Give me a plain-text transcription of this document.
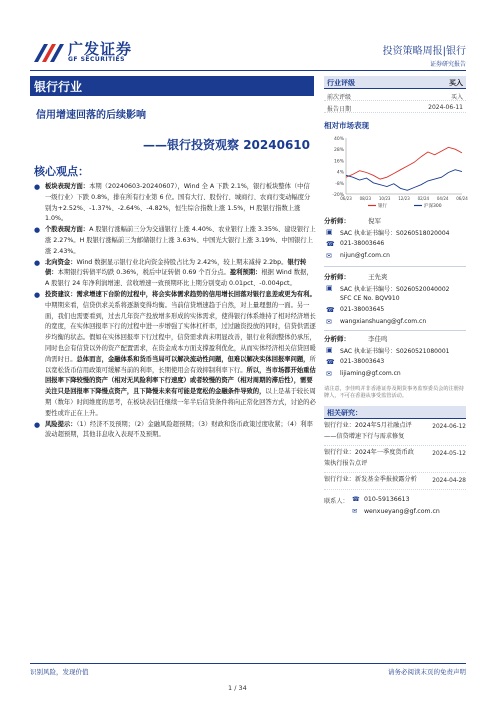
广发证券
GF SECURITIES
投资策略周报|银行
证券研究报告
银行行业
信用增速回落的后续影响
——银行投资观察 20240610
核心观点：
● 板块表现方面：本期（20240603-20240607），Wind 全 A 下跌 2.1%，银行板块整体（中信一级行业）下跌 0.8%，排在所有行业第 6 位。国有大行、股份行、城商行、农商行变动幅度分别为+2.52%、-1.37%、-2.64%、-4.82%，恒生综合指数上涨 1.5%，H 股银行指数上涨 1.0%。
● 个股表现方面：A 股银行涨幅前三分为交通银行上涨 4.40%、农业银行上涨 3.35%、建设银行上涨 2.27%。H 股银行涨幅前三为邮储银行上涨 3.63%、中国光大银行上涨 3.19%、中国银行上涨 2.43%。
● 北向资金：Wind 数据显示银行业北向资金持股占比为 2.42%，较上期末减持 2.2bp。银行转债：本期银行转债平均跌 0.36%，税后中证转债 0.69 个百分点。盈利预期：根据 Wind 数据，A 股银行 24 年净利润增速、营收增速一致预期环比上期分别变动 0.01pct、-0.004pct。
● 投资建议：需求增速下台阶的过程中，将会实体需求趋势的信用增长回落对银行息差或更为有利。中期期来看，信贷供求关系将逐渐变得均衡。当前信贷增速趋于自然，对上量理想的一面。另一面，我们也需要看到，过去几年资产投放增多形成的实体需求，使得银行体系维持了相对经济增长的宽度，在实体回报率下行的过程中进一步增强了实体杠杆率，过过融资投放的同时，信贷供需逐步均衡的状态。假如在实体回报率下行过程中，信贷需求尚未明显改善，银行业利润整体仍承压，同时也会有信贷以外的资产配置需求，在资金成本方面支撑盈利优化，从而实体经济相关信贷回暖尚需时日。总体而言，金融体系和货币当局可以解决流动性问题，但难以解决实体回报率问题，所以宽松货币信用政策可缓解当前的利率，长期使用会有效抑制利率下行。所以，当市场都开始重估回报率下降较慢的资产（相对无风险利率下行速度）或者较慢的资产（相对周期的滞后性），需要关注只是回报率下降慢点资产，且下降慢未来有可能是宽松的金融条件导致的，以上是基于较长周期（数年）时间维度的思考，在板块表信任继续一年半后信贷条件将向正常化回答方式，讨论的必要性或许正在上升。
● 风险提示：（1）经济不及预期；（2）金融风险超预期；（3）财政和货币政策过度收紧；（4）利率波动超预期，其他非息收入表现不及预期。
行业评级	买入
前次评级	买入
报告日期	2024-06-11
相对市场表现
40%
28%
16%
4%
-8%
-20%
06/23 08/23 10/23 12/23 02/24 04/24 06/24
银行	沪深300
分析师：	倪军
▣ SAC 执业证书编号：S0260518020004
☎ 021-38003646
✉ nijun@gf.com.cn
分析师：	王先爽
▣ SAC 执业证书编号：S0260520040002
SFC CE No. BQV910
☎ 021-38003645
✉ wangxianshuang@gf.com.cn
分析师：	李佳鸣
▣ SAC 执业证书编号：S0260521080001
☎ 021-38003643
✉ lijiaming@gf.com.cn
请注意，李佳鸣并非香港证券及期货事务监察委员会的注册持牌人，不可在香港从事受监管活动。
相关研究：
银行行业：2024年5月社融点评——信贷增速下行与需求修复
2024-06-12
银行行业：2024年一季度货币政策执行报告点评
2024-05-12
银行行业：新发基金季报披露分析	2024-04-28
联系人： ☎ 010-59136613
✉ wenxueyang@gf.com.cn
识别风险，发现价值
1 / 34
请务必阅读末页的免责声明
